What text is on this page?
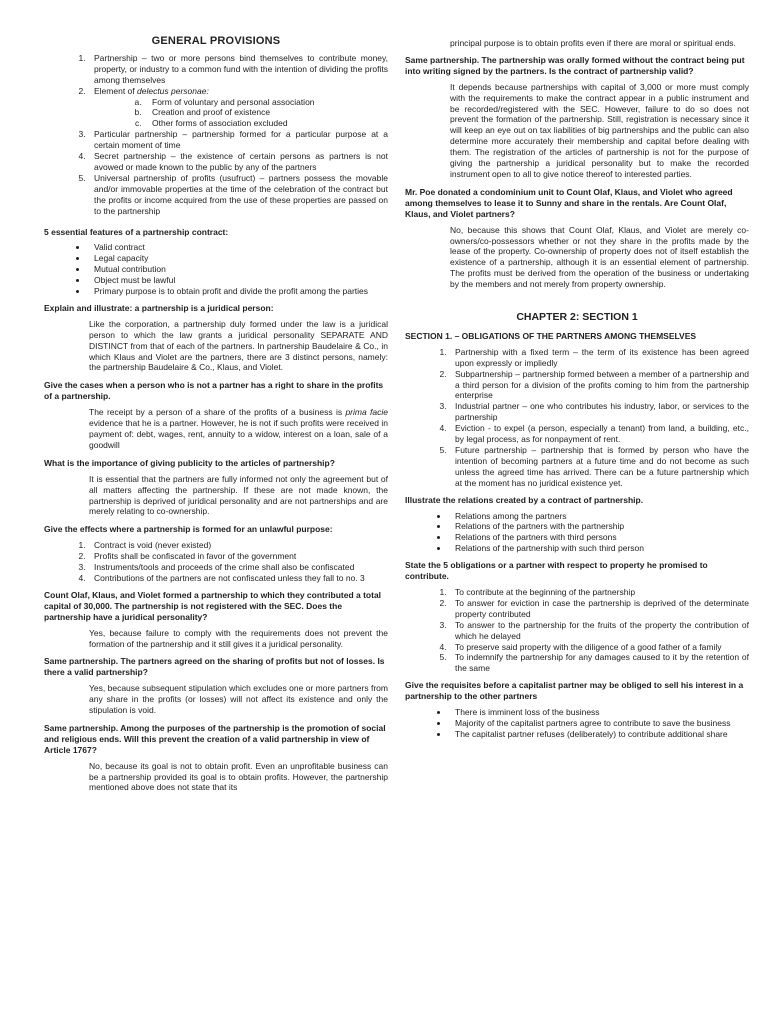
GENERAL PROVISIONS
1. Partnership – two or more persons bind themselves to contribute money, property, or industry to a common fund with the intention of dividing the profits among themselves
2. Element of delectus personae:
a. Form of voluntary and personal association
b. Creation and proof of existence
c. Other forms of association excluded
3. Particular partnership – partnership formed for a particular purpose at a certain moment of time
4. Secret partnership – the existence of certain persons as partners is not avowed or made known to the public by any of the partners
5. Universal partnership of profits (usufruct) – partners possess the movable and/or immovable properties at the time of the celebration of the contract but the profits or income acquired from the use of these properties are passed on to the partnership
5 essential features of a partnership contract:
• Valid contract
• Legal capacity
• Mutual contribution
• Object must be lawful
• Primary purpose is to obtain profit and divide the profit among the parties
Explain and illustrate: a partnership is a juridical person:

Like the corporation, a partnership duly formed under the law is a juridical person to which the law grants a juridical personality SEPARATE AND DISTINCT from that of each of the partners. In partnership Baudelaire & Co., in which Klaus and Violet are the partners, there are 3 distinct persons, namely: the partnership Baudelaire & Co., Klaus, and Violet.

Give the cases when a person who is not a partner has a right to share in the profits of a partnership.

The receipt by a person of a share of the profits of a business is prima facie evidence that he is a partner. However, he is not if such profits were received in payment of: debt, wages, rent, annuity to a widow, interest on a loan, sale of a goodwill

What is the importance of giving publicity to the articles of partnership?

It is essential that the partners are fully informed not only the agreement but of all matters affecting the partnership. If these are not made known, the partnership is deprived of juridical personality and are not partnerships and are merely relating to co-ownership.

Give the effects where a partnership is formed for an unlawful purpose:
1. Contract is void (never existed)
2. Profits shall be confiscated in favor of the government
3. Instruments/tools and proceeds of the crime shall also be confiscated
4. Contributions of the partners are not confiscated unless they fall to no. 3
Count Olaf, Klaus, and Violet formed a partnership to which they contributed a total capital of 30,000. The partnership is not registered with the SEC. Does the partnership have a juridical personality?

Yes, because failure to comply with the requirements does not prevent the formation of the partnership and it still gives it a juridical personality.

Same partnership. The partners agreed on the sharing of profits but not of losses. Is there a valid partnership?

Yes, because subsequent stipulation which excludes one or more partners from any share in the profits (or losses) will not affect its existence and only the stipulation is void.

Same partnership. Among the purposes of the partnership is the promotion of social and religious ends. Will this prevent the creation of a valid partnership in view of Article 1767?

No, because its goal is not to obtain profit. Even an unprofitable business can be a partnership provided its goal is to obtain profits. However, the partnership mentioned above does not state that its

principal purpose is to obtain profits even if there are moral or spiritual ends.

Same partnership. The partnership was orally formed without the contract being put into writing signed by the partners. Is the contract of partnership valid?

It depends because partnerships with capital of 3,000 or more must comply with the requirements to make the contract appear in a public instrument and be recorded/registered with the SEC. However, failure to do so does not prevent the formation of the partnership. Still, registration is necessary since it will keep an eye out on tax liabilities of big partnerships and the public can also determine more accurately their membership and capital before dealing with them. The registration of the articles of partnership is not for the purpose of giving the partnership a juridical personality but to make the recorded instrument open to all to give notice thereof to interested parties.

Mr. Poe donated a condominium unit to Count Olaf, Klaus, and Violet who agreed among themselves to lease it to Sunny and share in the rentals. Are Count Olaf, Klaus, and Violet partners?

No, because this shows that Count Olaf, Klaus, and Violet are merely co-owners/co-possessors whether or not they share in the profits made by the lease of the property. Co-ownership of property does not of itself establish the existence of a partnership, although it is an essential element of partnership. The profits must be derived from the operation of the business or undertaking by the members and not merely from property ownership.

CHAPTER 2: SECTION 1
SECTION 1. – OBLIGATIONS OF THE PARTNERS AMONG THEMSELVES
1. Partnership with a fixed term – the term of its existence has been agreed upon expressly or impliedly
2. Subpartnership – partnership formed between a member of a partnership and a third person for a division of the profits coming to him from the partnership enterprise
3. Industrial partner – one who contributes his industry, labor, or services to the partnership
4. Eviction - to expel (a person, especially a tenant) from land, a building, etc., by legal process, as for nonpayment of rent.
5. Future partnership – partnership that is formed by person who have the intention of becoming partners at a future time and do not become as such unless the agreed time has arrived. There can be a future partnership which at the moment has no juridical existence yet.
Illustrate the relations created by a contract of partnership.
• Relations among the partners
• Relations of the partners with the partnership
• Relations of the partners with third persons
• Relations of the partnership with such third person
State the 5 obligations or a partner with respect to property he promised to contribute.
1. To contribute at the beginning of the partnership
2. To answer for eviction in case the partnership is deprived of the determinate property contributed
3. To answer to the partnership for the fruits of the property the contribution of which he delayed
4. To preserve said property with the diligence of a good father of a family
5. To indemnify the partnership for any damages caused to it by the retention of the same
Give the requisites before a capitalist partner may be obliged to sell his interest in a partnership to the other partners
• There is imminent loss of the business
• Majority of the capitalist partners agree to contribute to save the business
• The capitalist partner refuses (deliberately) to contribute additional share
